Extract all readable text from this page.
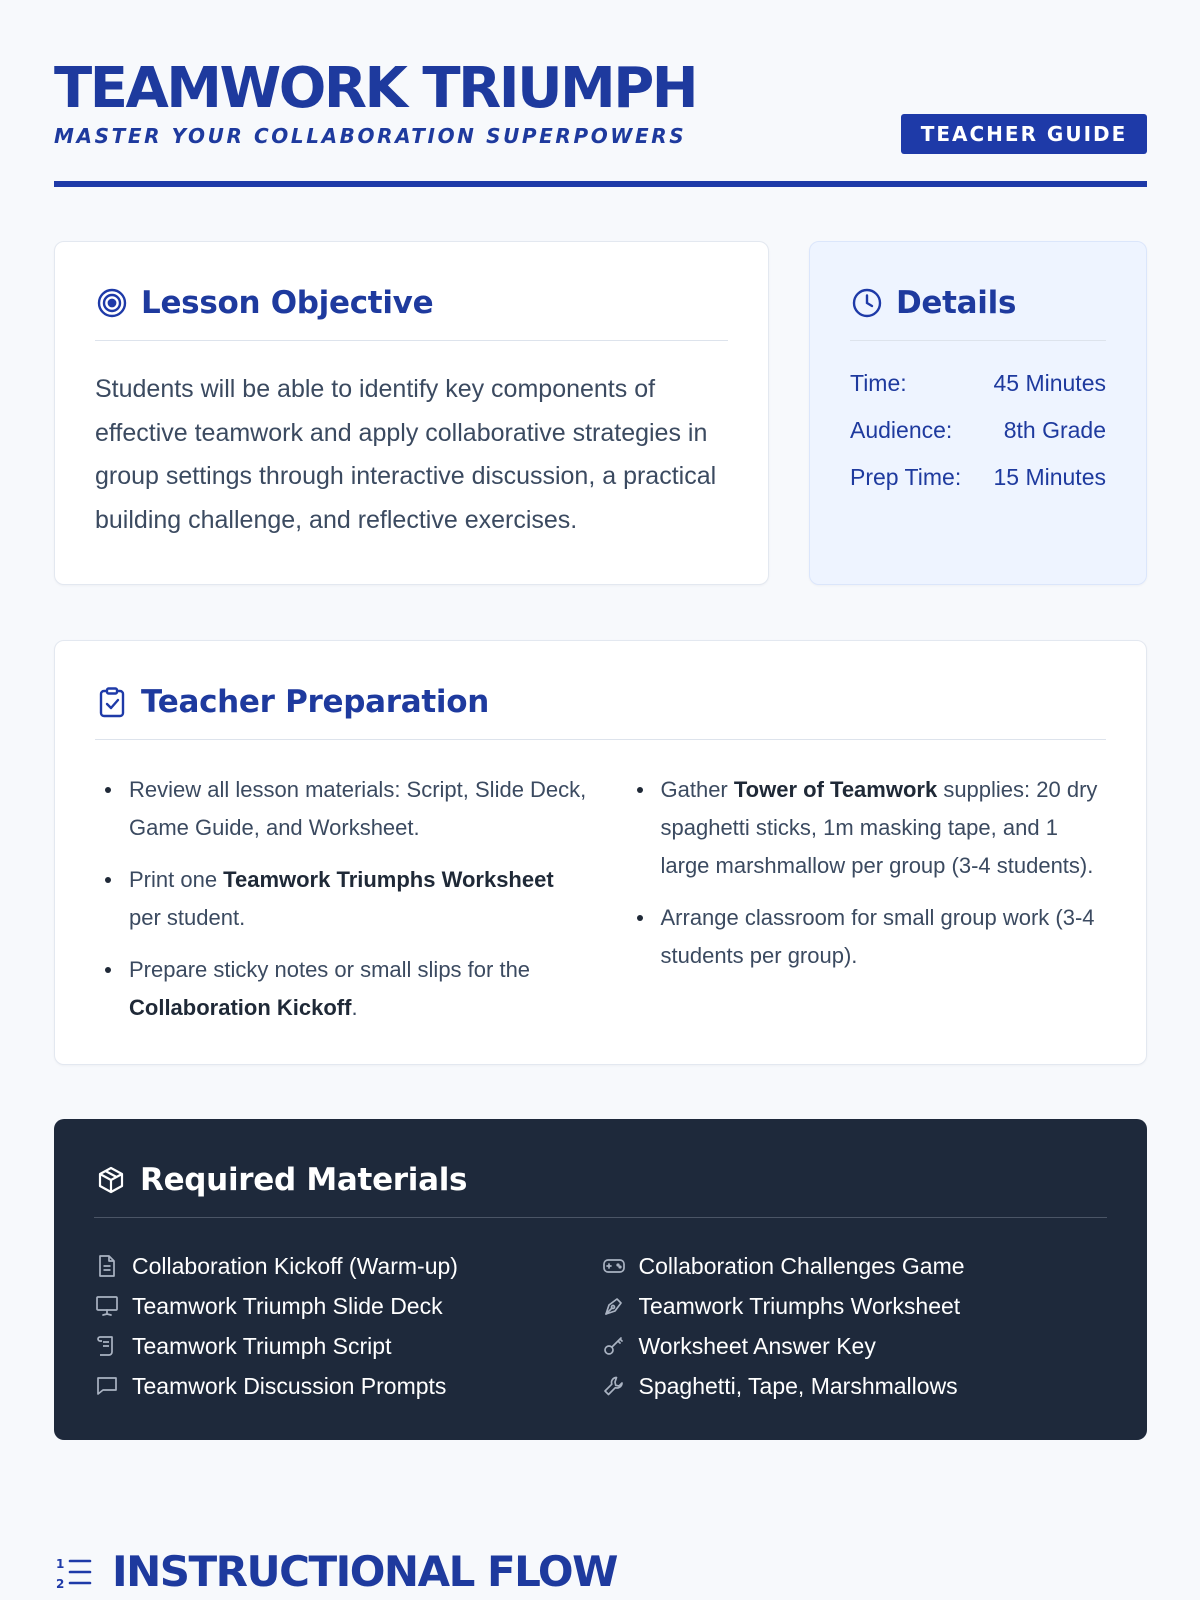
TEAMWORK TRIUMPH
MASTER YOUR COLLABORATION SUPERPOWERS	TEACHER GUIDE
Lesson Objective

Students will be able to identify key components of effective teamwork and apply collaborative strategies in group settings through interactive discussion, a practical building challenge, and reflective exercises.

Details
Time:	45 Minutes
Audience: 8th Grade
Prep Time: 15 Minutes
Teacher Preparation
Review all lesson materials: Script, Slide Deck, Game Guide, and Worksheet.
Print one Teamwork Triumphs Worksheet per student.
Prepare sticky notes or small slips for the Collaboration Kickoff.
Gather Tower of Teamwork supplies: 20 dry spaghetti sticks, 1m masking tape, and 1 large marshmallow per group (3-4 students).
Arrange classroom for small group work (3-4 students per group).
Required Materials
Collaboration Kickoff (Warm-up)
Teamwork Triumph Slide Deck
Teamwork Triumph Script
Teamwork Discussion Prompts
Collaboration Challenges Game
Teamwork Triumphs Worksheet
Worksheet Answer Key
Spaghetti, Tape, Marshmallows
1
2 INSTRUCTIONAL FLOW
